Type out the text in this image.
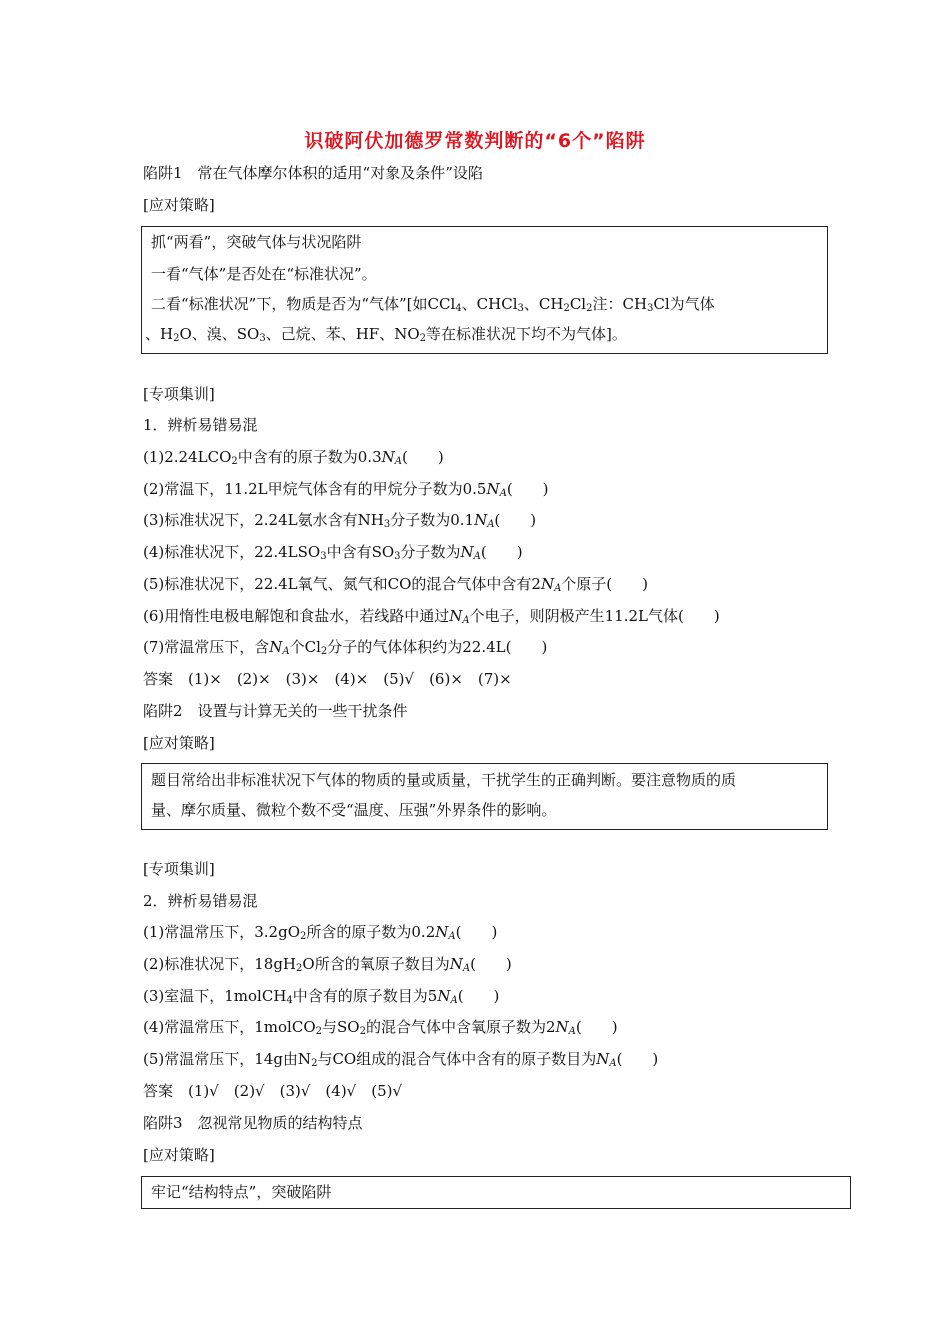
识破阿伏加德罗常数判断的“6个”陷阱
陷阱1　常在气体摩尔体积的适用“对象及条件”设陷
[应对策略]
抓“两看”，突破气体与状况陷阱
一看“气体”是否处在“标准状况”。
二看“标准状况”下，物质是否为“气体”[如CCl$_4$、CHCl$_3$、$CH_2Cl_2$注：$CH_3Cl$为气体
、$H_2O$、溴、$SO_3$、己烷、苯、HF、$NO_2$等在标准状况下均不为气体]。
[专项集训]
1．辨析易错易混
$(1)2.24LCO_2$中含有的原子数为$0.3N_A$(　　)
(2)常温下，11.2L甲烷气体含有的甲烷分子数为$0.5N_A$(　　)
(3)标准状况下，2.24L氨水含有$NH_3$分子数为$0.1N_A$(　　)
(4)标准状况下，$22.4LSO_3$中含有$SO_3$分子数为$N_A$(　　)
(5)标准状况下，22.4L氧气、氮气和CO的混合气体中含有$2N_A$个原子(　　)
(6)用惰性电极电解饱和食盐水，若线路中通过$N_A$个电子，则阴极产生11.2L气体(　　)
(7)常温常压下，含$N_A$个$Cl_2$分子的气体体积约为22.4L(　　)
答案　(1)×　(2)×　(3)×　(4)×　(5)√　(6)×　(7)×
陷阱2　设置与计算无关的一些干扰条件
[应对策略]
题目常给出非标准状况下气体的物质的量或质量，干扰学生的正确判断。要注意物质的质
量、摩尔质量、微粒个数不受“温度、压强”外界条件的影响。
[专项集训]
2．辨析易错易混
(1)常温常压下，$3.2gO_2$所含的原子数为$0.2N_A$(　　)
(2)标准状况下，$18gH_2O$所含的氧原子数目为$N_A$(　　)
(3)室温下，1molCH$_4$中含有的原子数目为$5N_A$(　　)
(4)常温常压下，1molCO$_2$与$SO_2$的混合气体中含氧原子数为$2N_A$(　　)
(5)常温常压下，14g由$N_2$与CO组成的混合气体中含有的原子数目为$N_A$(　　)
答案　(1)√　(2)√　(3)√　(4)√　(5)√
陷阱3　忽视常见物质的结构特点
[应对策略]
牢记“结构特点”，突破陷阱
